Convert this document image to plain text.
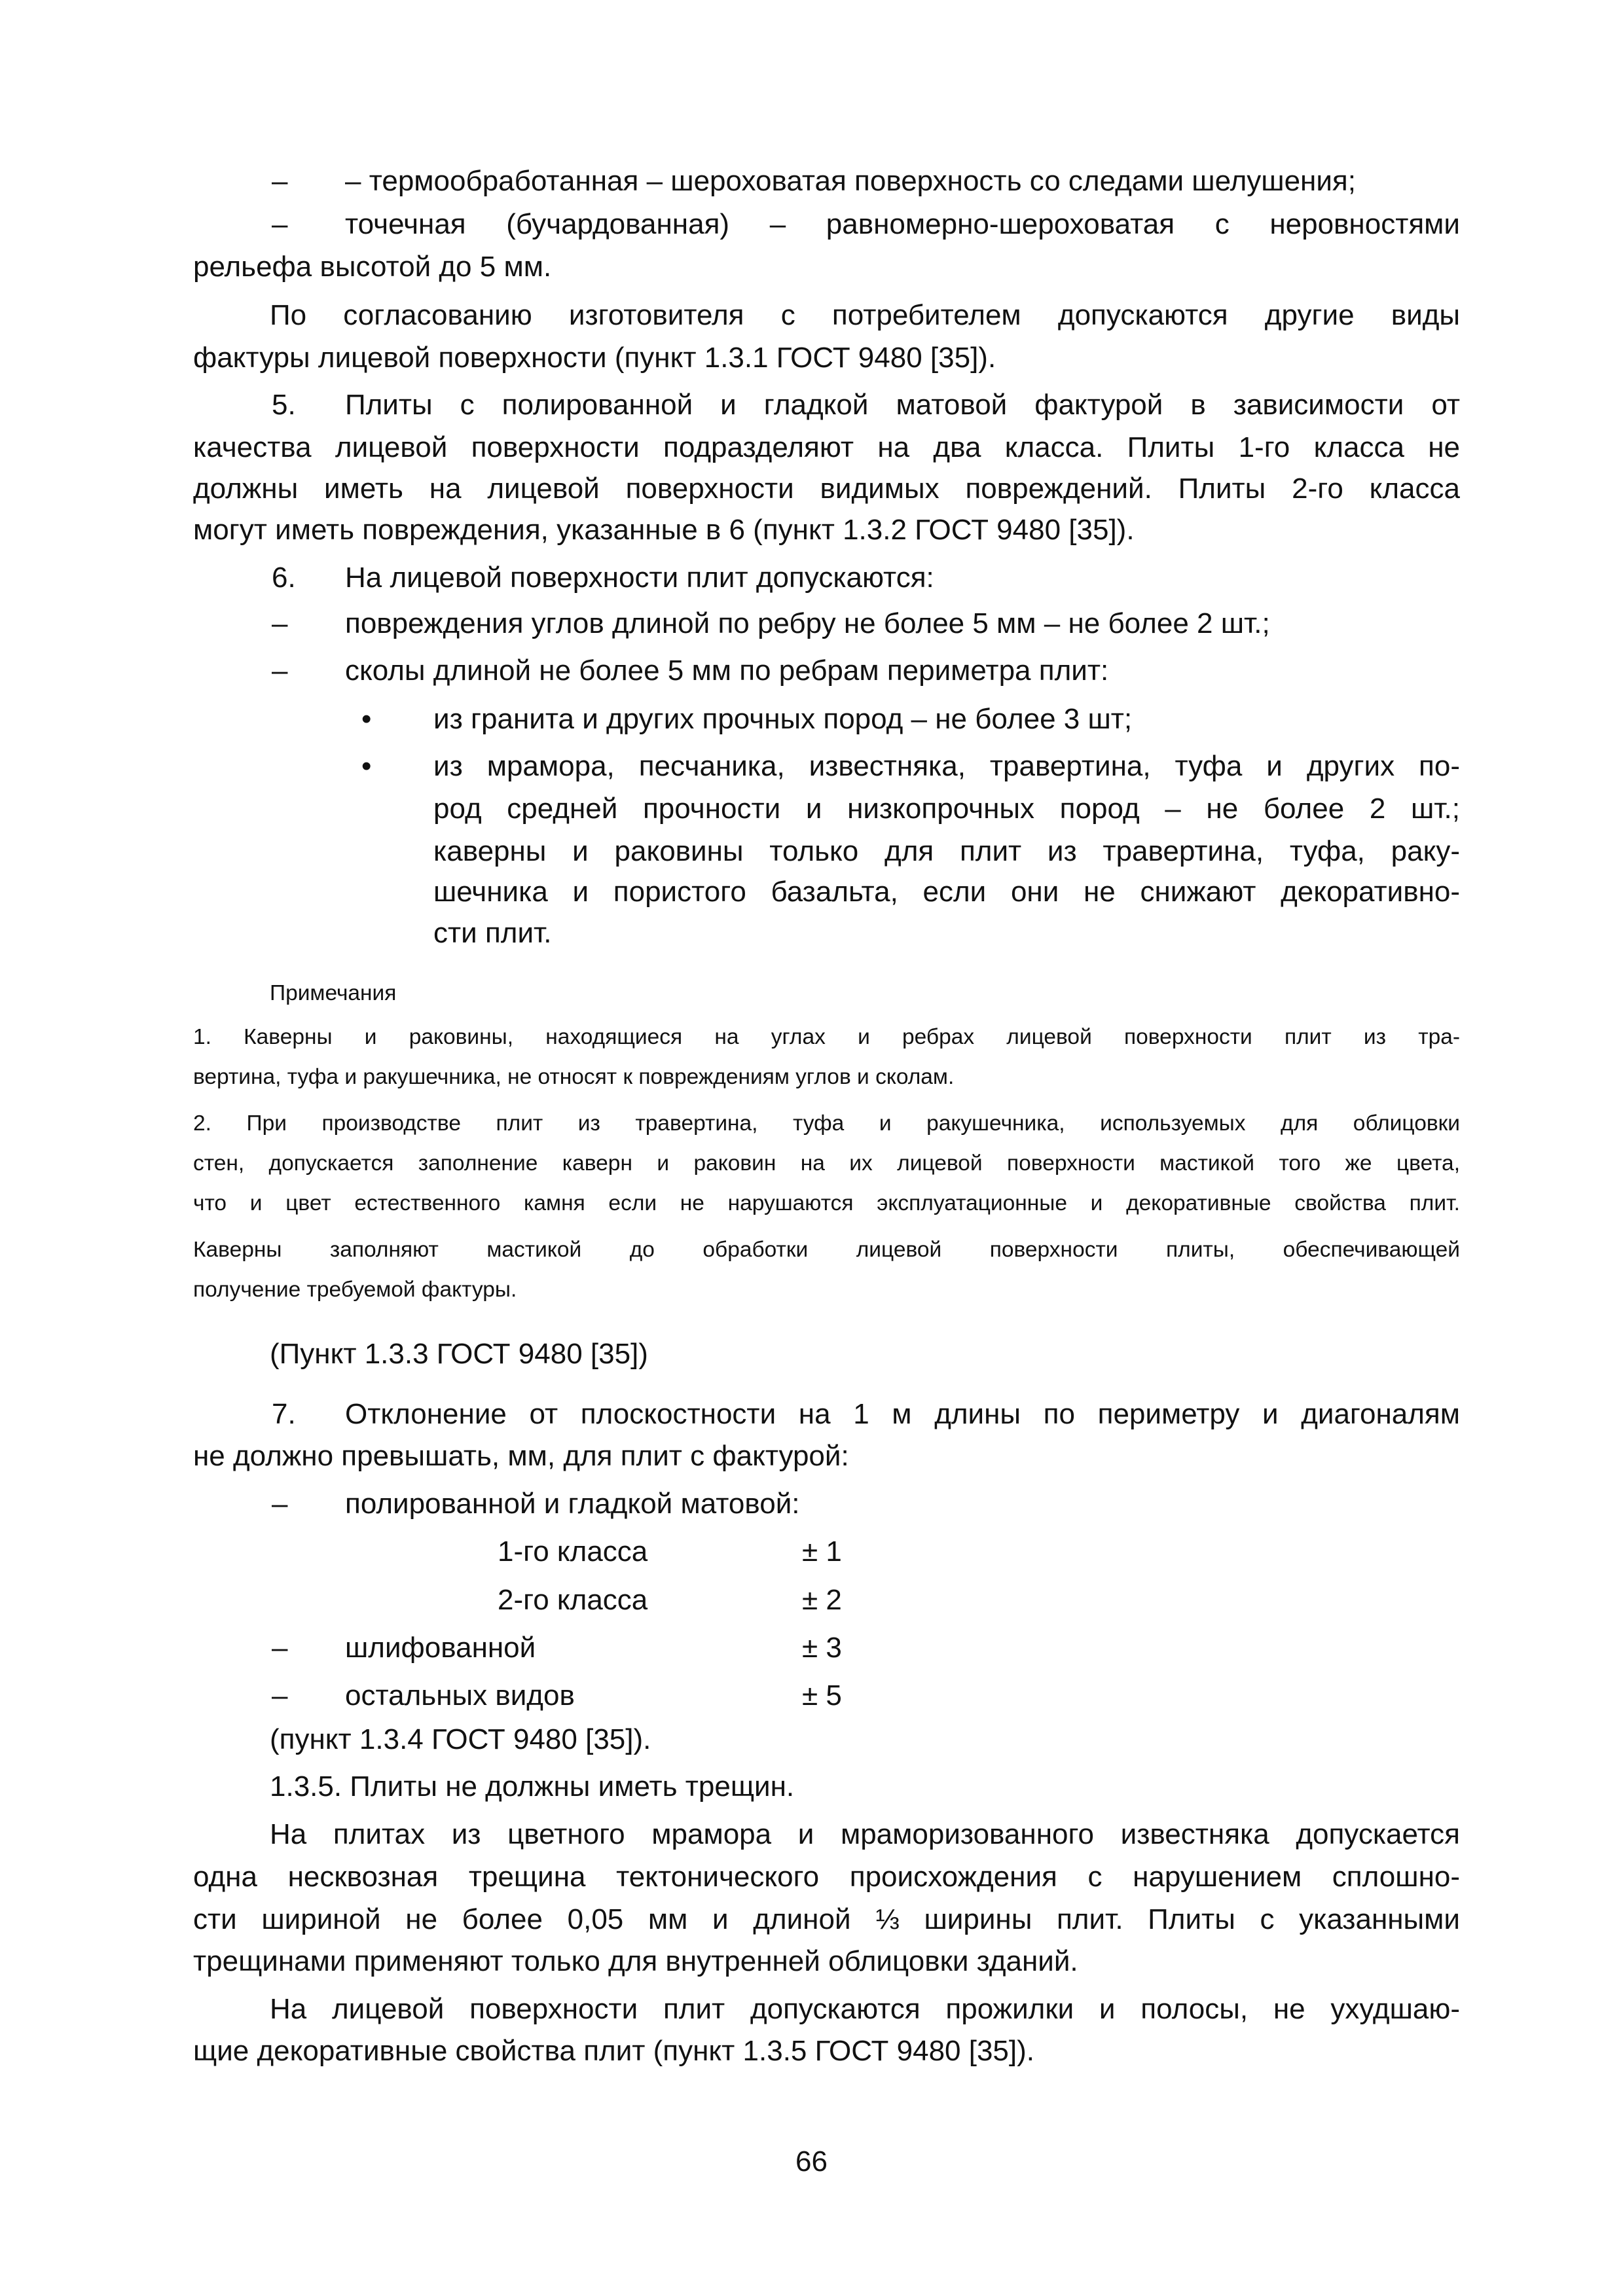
– – термообработанная – шероховатая поверхность со следами шелушения;
– точечная (бучардованная) – равномерно-шероховатая с неровностями
рельефа высотой до 5 мм.
По согласованию изготовителя с потребителем допускаются другие виды
фактуры лицевой поверхности (пункт 1.3.1 ГОСТ 9480 [35]).
5. Плиты с полированной и гладкой матовой фактурой в зависимости от
качества лицевой поверхности подразделяют на два класса. Плиты 1-го класса не
должны иметь на лицевой поверхности видимых повреждений. Плиты 2-го класса
могут иметь повреждения, указанные в 6 (пункт 1.3.2 ГОСТ 9480 [35]).
6. На лицевой поверхности плит допускаются:
– повреждения углов длиной по ребру не более 5 мм – не более 2 шт.;
– сколы длиной не более 5 мм по ребрам периметра плит:
• из гранита и других прочных пород – не более 3 шт;
• из мрамора, песчаника, известняка, травертина, туфа и других по-
род средней прочности и низкопрочных пород – не более 2 шт.;
каверны и раковины только для плит из травертина, туфа, раку-
шечника и пористого базальта, если они не снижают декоративно-
сти плит.
Примечания
1. Каверны и раковины, находящиеся на углах и ребрах лицевой поверхности плит из тра-
вертина, туфа и ракушечника, не относят к повреждениям углов и сколам.
2. При производстве плит из травертина, туфа и ракушечника, используемых для облицовки
стен, допускается заполнение каверн и раковин на их лицевой поверхности мастикой того же цвета,
что и цвет естественного камня если не нарушаются эксплуатационные и декоративные свойства плит.
Каверны заполняют мастикой до обработки лицевой поверхности плиты, обеспечивающей
получение требуемой фактуры.
(Пункт 1.3.3 ГОСТ 9480 [35])
7. Отклонение от плоскостности на 1 м длины по периметру и диагоналям
не должно превышать, мм, для плит с фактурой:
– полированной и гладкой матовой:
(пункт 1.3.4 ГОСТ 9480 [35]).
1.3.5. Плиты не должны иметь трещин.
На плитах из цветного мрамора и мраморизованного известняка допускается
одна несквозная трещина тектонического происхождения с нарушением сплошно-
сти шириной не более 0,05 мм и длиной ⅓ ширины плит. Плиты с указанными
трещинами применяют только для внутренней облицовки зданий.
На лицевой поверхности плит допускаются прожилки и полосы, не ухудшаю-
щие декоративные свойства плит (пункт 1.3.5 ГОСТ 9480 [35]).
1-го класса	± 1
2-го класса	± 2
– шлифованной	± 3
– остальных видов	± 5
66
